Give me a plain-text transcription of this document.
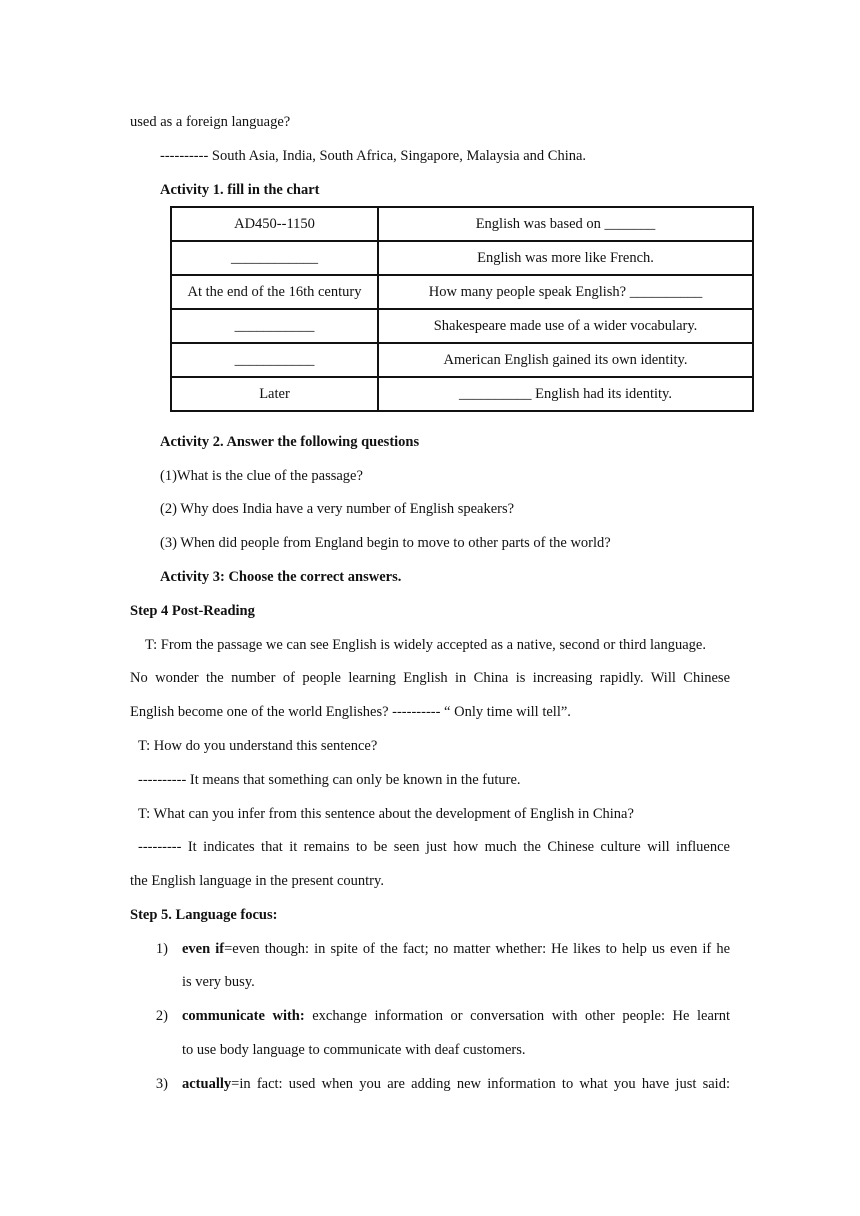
used as a foreign language?
---------- South Asia, India, South Africa, Singapore, Malaysia and China.
Activity 1. fill in the chart
AD450--1150	English was based on _______
____________	English was more like French.
At the end of the 16th century	How many people speak English? __________
___________	Shakespeare made use of a wider vocabulary.
___________	American English gained its own identity.
Later	__________ English had its identity.
Activity 2. Answer the following questions
(1)What is the clue of the passage?
(2) Why does India have a very number of English speakers?
(3) When did people from England begin to move to other parts of the world?
Activity 3: Choose the correct answers.
Step 4 Post-Reading
T: From the passage we can see English is widely accepted as a native, second or third language.
No wonder the number of people learning English in China is increasing rapidly. Will Chinese
English become one of the world Englishes? ---------- “ Only time will tell”.
T: How do you understand this sentence?
---------- It means that something can only be known in the future.
T: What can you infer from this sentence about the development of English in China?
--------- It indicates that it remains to be seen just how much the Chinese culture will influence
the English language in the present country.
Step 5. Language focus:
1) even if=even though: in spite of the fact; no matter whether: He likes to help us even if he
is very busy.
2) communicate with: exchange information or conversation with other people: He learnt
to use body language to communicate with deaf customers.
3) actually=in fact: used when you are adding new information to what you have just said:
